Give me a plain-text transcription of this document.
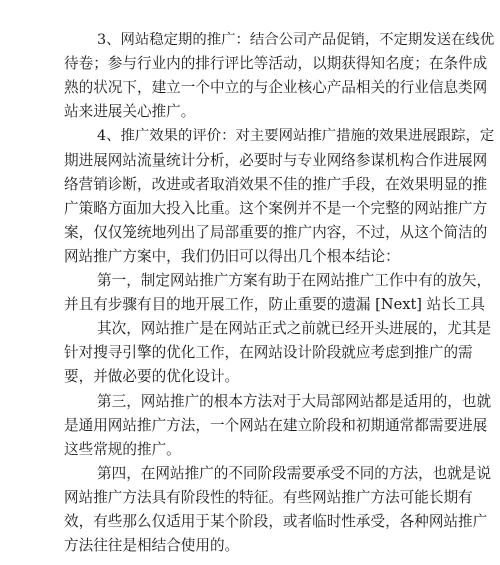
3、网站稳定期的推广：结合公司产品促销，不定期发送在线优
待卷；参与行业内的排行评比等活动，以期获得知名度；在条件成
熟的状况下，建立一个中立的与企业核心产品相关的行业信息类网
站来进展关心推广。
4、推广效果的评价：对主要网站推广措施的效果进展跟踪，定
期进展网站流量统计分析，必要时与专业网络参谋机构合作进展网
络营销诊断，改进或者取消效果不佳的推广手段，在效果明显的推
广策略方面加大投入比重。这个案例并不是一个完整的网站推广方
案，仅仅笼统地列出了局部重要的推广内容，不过，从这个简洁的
网站推广方案中，我们仍旧可以得出几个根本结论：
第一，制定网站推广方案有助于在网站推广工作中有的放矢，
并且有步骤有目的地开展工作，防止重要的遗漏 [Next] 站长工具
其次，网站推广是在网站正式之前就已经开头进展的，尤其是
针对搜寻引擎的优化工作，在网站设计阶段就应考虑到推广的需
要，并做必要的优化设计。
第三，网站推广的根本方法对于大局部网站都是适用的，也就
是通用网站推广方法，一个网站在建立阶段和初期通常都需要进展
这些常规的推广。
第四，在网站推广的不同阶段需要承受不同的方法，也就是说
网站推广方法具有阶段性的特征。有些网站推广方法可能长期有
效，有些那么仅适用于某个阶段，或者临时性承受，各种网站推广
方法往往是相结合使用的。
